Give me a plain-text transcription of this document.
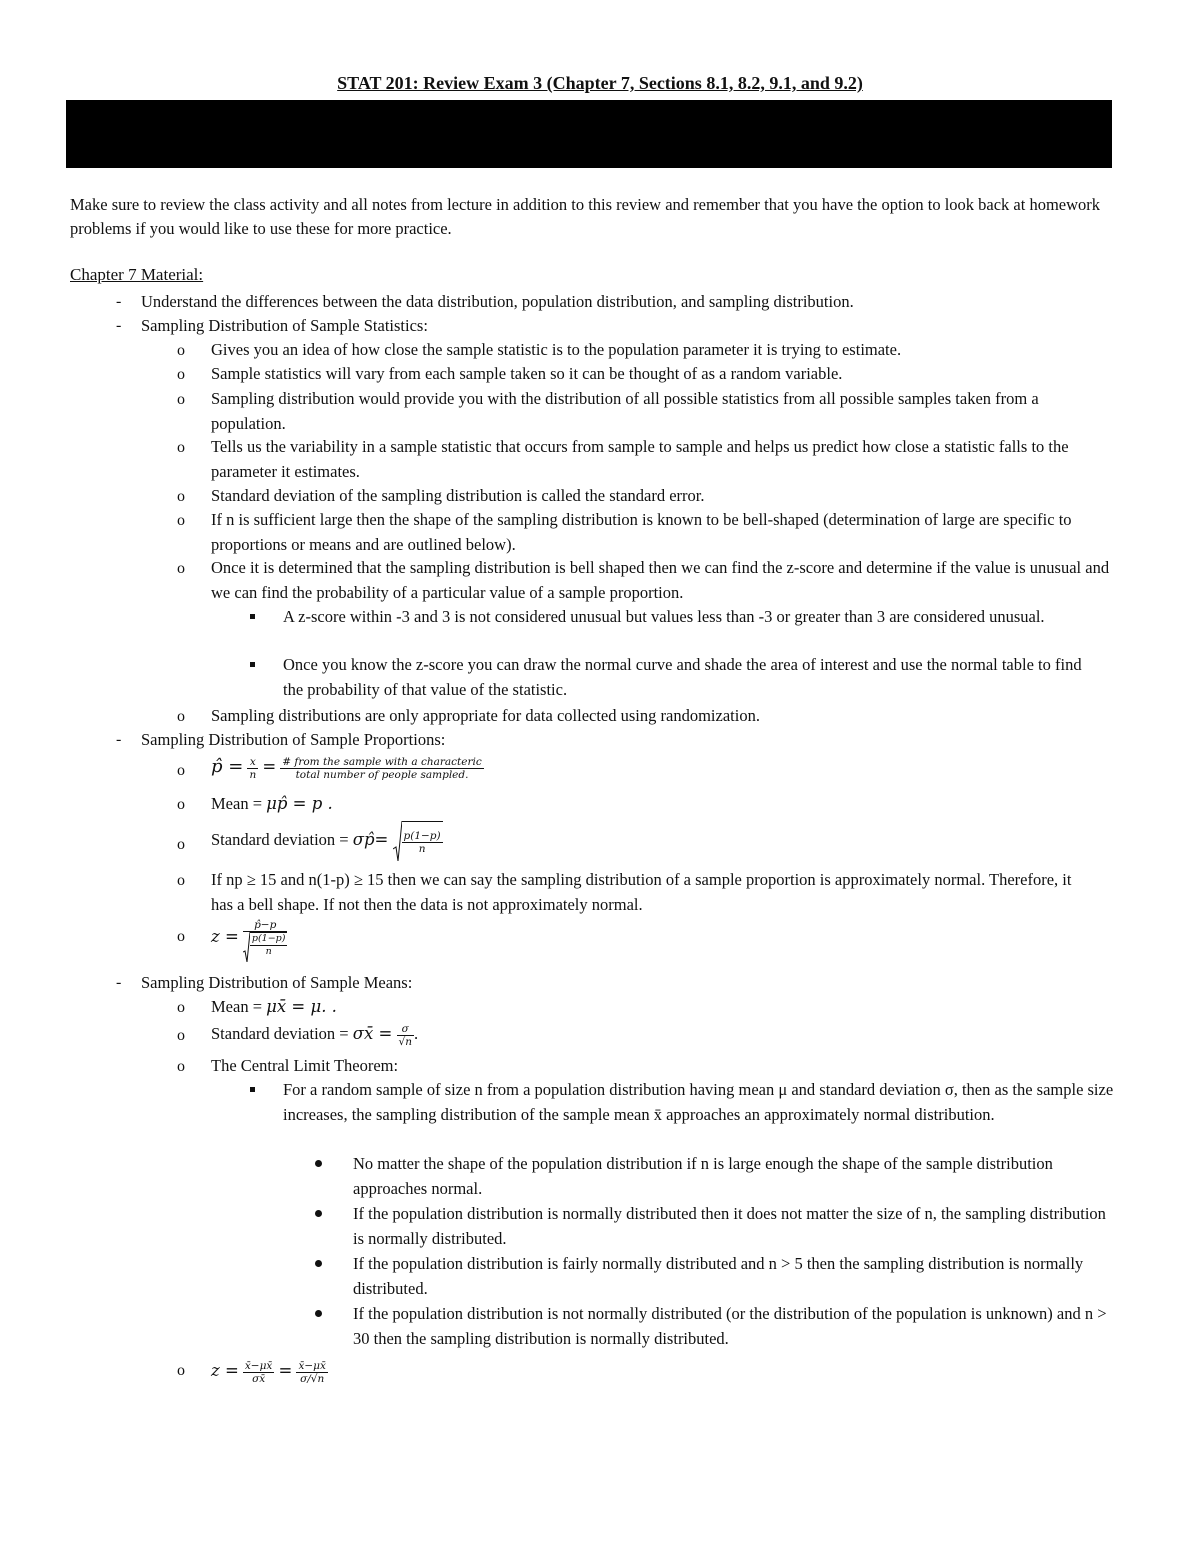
STAT 201: Review Exam 3 (Chapter 7, Sections 8.1, 8.2, 9.1, and 9.2)
Make sure to review the class activity and all notes from lecture in addition to this review and remember that you have the option to look back at homework problems if you would like to use these for more practice.
Chapter 7 Material:
- Understand the differences between the data distribution, population distribution, and sampling distribution.
- Sampling Distribution of Sample Statistics:
o Gives you an idea of how close the sample statistic is to the population parameter it is trying to estimate.
o Sample statistics will vary from each sample taken so it can be thought of as a random variable.
o Sampling distribution would provide you with the distribution of all possible statistics from all possible samples taken from a population.
o Tells us the variability in a sample statistic that occurs from sample to sample and helps us predict how close a statistic falls to the parameter it estimates.
o Standard deviation of the sampling distribution is called the standard error.
o If n is sufficient large then the shape of the sampling distribution is known to be bell-shaped (determination of large are specific to proportions or means and are outlined below).
o Once it is determined that the sampling distribution is bell shaped then we can find the z-score and determine if the value is unusual and we can find the probability of a particular value of a sample proportion.
A z-score within -3 and 3 is not considered unusual but values less than -3 or greater than 3 are considered unusual.
Once you know the z-score you can draw the normal curve and shade the area of interest and use the normal table to find the probability of that value of the statistic.
o Sampling distributions are only appropriate for data collected using randomization.
- Sampling Distribution of Sample Proportions:
o p̂ = $\frac{x}{n} = \frac{\text{\# from the sample with a characteric}}{\text{total number of people sampled.}}$
o Mean = μp̂ = p .
o Standard deviation = σp̂= $\frac{p(1-p)}{n}$
o If np ≥ 15 and n(1-p) ≥ 15 then we can say the sampling distribution of a sample proportion is approximately normal. Therefore, it has a bell shape. If not then the data is not approximately normal.
o $z = \frac{p̂-p}{\frac{p(1-p)}{n}}$
- Sampling Distribution of Sample Means:
o Mean = μx̄ = μ. .
o Standard deviation = σx̄ = $\frac{\sigma}{√n}$ .
o The Central Limit Theorem:
For a random sample of size n from a population distribution having mean μ and standard deviation σ, then as the sample size increases, the sampling distribution of the sample mean x̄ approaches an approximately normal distribution.
No matter the shape of the population distribution if n is large enough the shape of the sample distribution approaches normal.
If the population distribution is normally distributed then it does not matter the size of n, the sampling distribution is normally distributed.
If the population distribution is fairly normally distributed and n > 5 then the sampling distribution is normally distributed.
If the population distribution is not normally distributed (or the distribution of the population is unknown) and n > 30 then the sampling distribution is normally distributed.
o $z = \frac{x̄-\mu x̄}{\sigma x̄} = \frac{x̄-\mu x̄}{\sigma/√n}$
